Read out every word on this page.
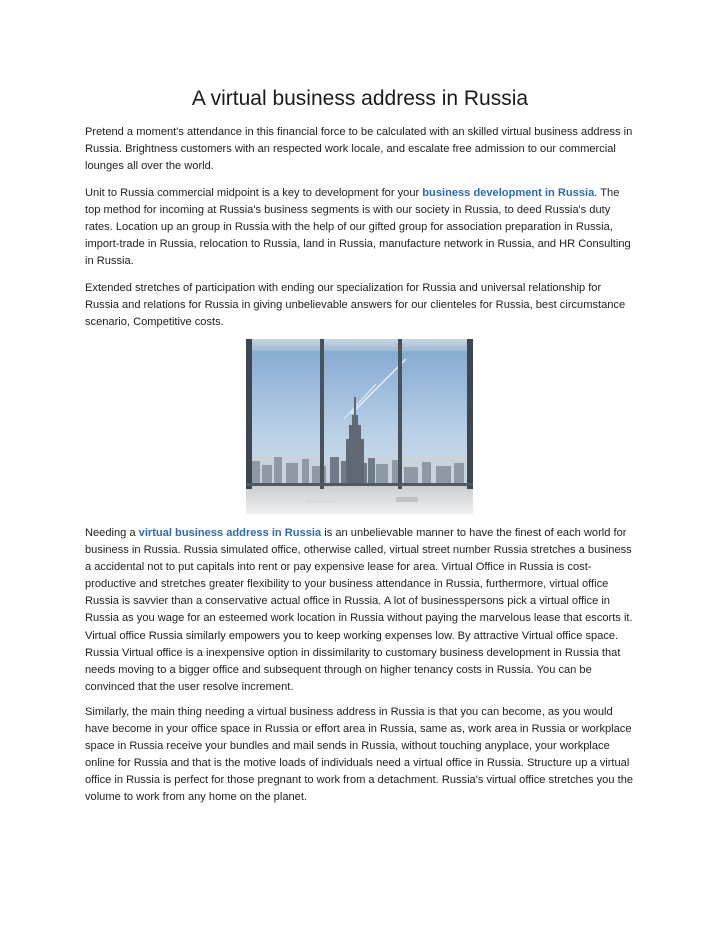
A virtual business address in Russia

Pretend a moment's attendance in this financial force to be calculated with an skilled virtual business address in Russia. Brightness customers with an respected work locale, and escalate free admission to our commercial lounges all over the world.

Unit to Russia commercial midpoint is a key to development for your business development in Russia. The top method for incoming at Russia's business segments is with our society in Russia, to deed Russia's duty rates. Location up an group in Russia with the help of our gifted group for association preparation in Russia, import-trade in Russia, relocation to Russia, land in Russia, manufacture network in Russia, and HR Consulting in Russia.

Extended stretches of participation with ending our specialization for Russia and universal relationship for Russia and relations for Russia in giving unbelievable answers for our clienteles for Russia, best circumstance scenario, Competitive costs.

Needing a virtual business address in Russia is an unbelievable manner to have the finest of each world for business in Russia. Russia simulated office, otherwise called, virtual street number Russia stretches a business a accidental not to put capitals into rent or pay expensive lease for area. Virtual Office in Russia is cost-productive and stretches greater flexibility to your business attendance in Russia, furthermore, virtual office Russia is savvier than a conservative actual office in Russia. A lot of businesspersons pick a virtual office in Russia as you wage for an esteemed work location in Russia without paying the marvelous lease that escorts it. Virtual office Russia similarly empowers you to keep working expenses low. By attractive Virtual office space. Russia Virtual office is a inexpensive option in dissimilarity to customary business development in Russia that needs moving to a bigger office and subsequent through on higher tenancy costs in Russia. You can be convinced that the user resolve increment.

Similarly, the main thing needing a virtual business address in Russia is that you can become, as you would have become in your office space in Russia or effort area in Russia, same as, work area in Russia or workplace space in Russia receive your bundles and mail sends in Russia, without touching anyplace, your workplace online for Russia and that is the motive loads of individuals need a virtual office in Russia. Structure up a virtual office in Russia is perfect for those pregnant to work from a detachment. Russia's virtual office stretches you the volume to work from any home on the planet.
